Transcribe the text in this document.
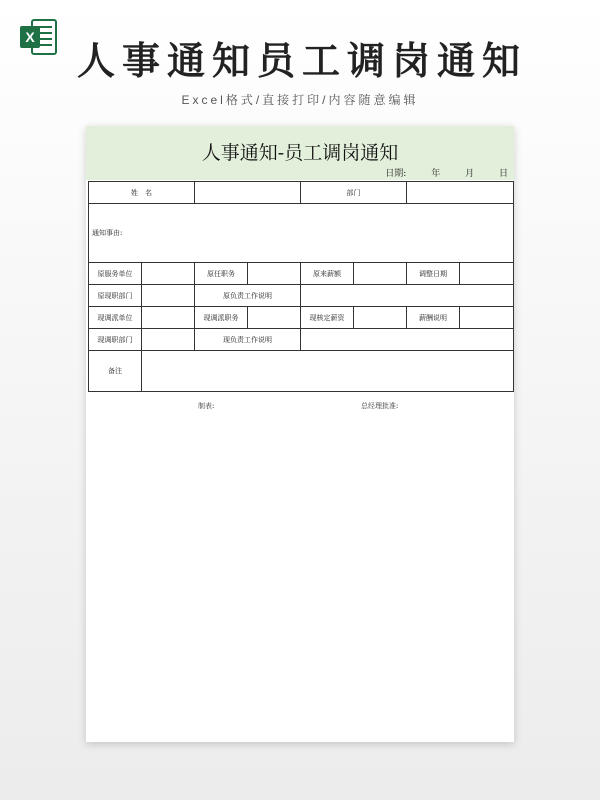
X
人事通知员工调岗通知
Excel格式/直接打印/内容随意编辑
人事通知-员工调岗通知
日期:	年	月	日
姓　名				部门			
通知事由:							
原服务单位		原任职务		原来薪额		调整日期	
原现职部门		原负责工作说明					
现调派单位		现调派职务		现核定薪资		薪酬说明	
现调职部门		现负责工作说明					
备注							
制表:	总经理批准:
